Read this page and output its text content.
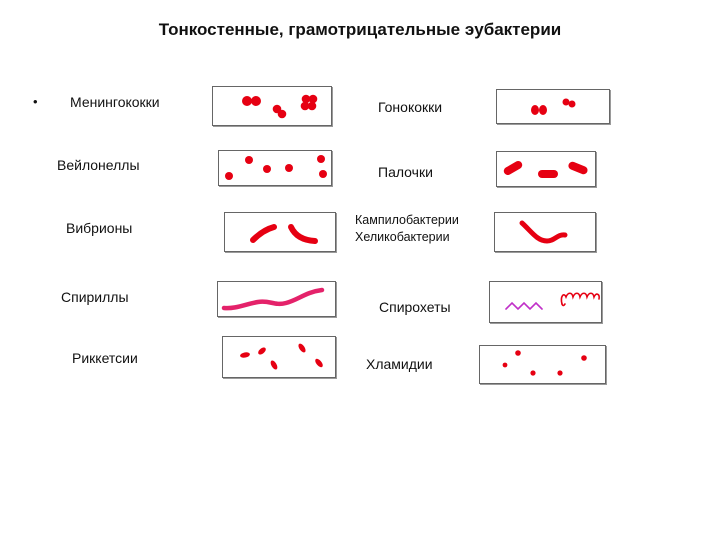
Тонкостенные, грамотрицательные эубактерии
• Менингококки
Вейлонеллы
Вибрионы
Спириллы
Риккетсии
Гонококки
Палочки
Кампилобактерии
Хеликобактерии
Спирохеты
Хламидии
